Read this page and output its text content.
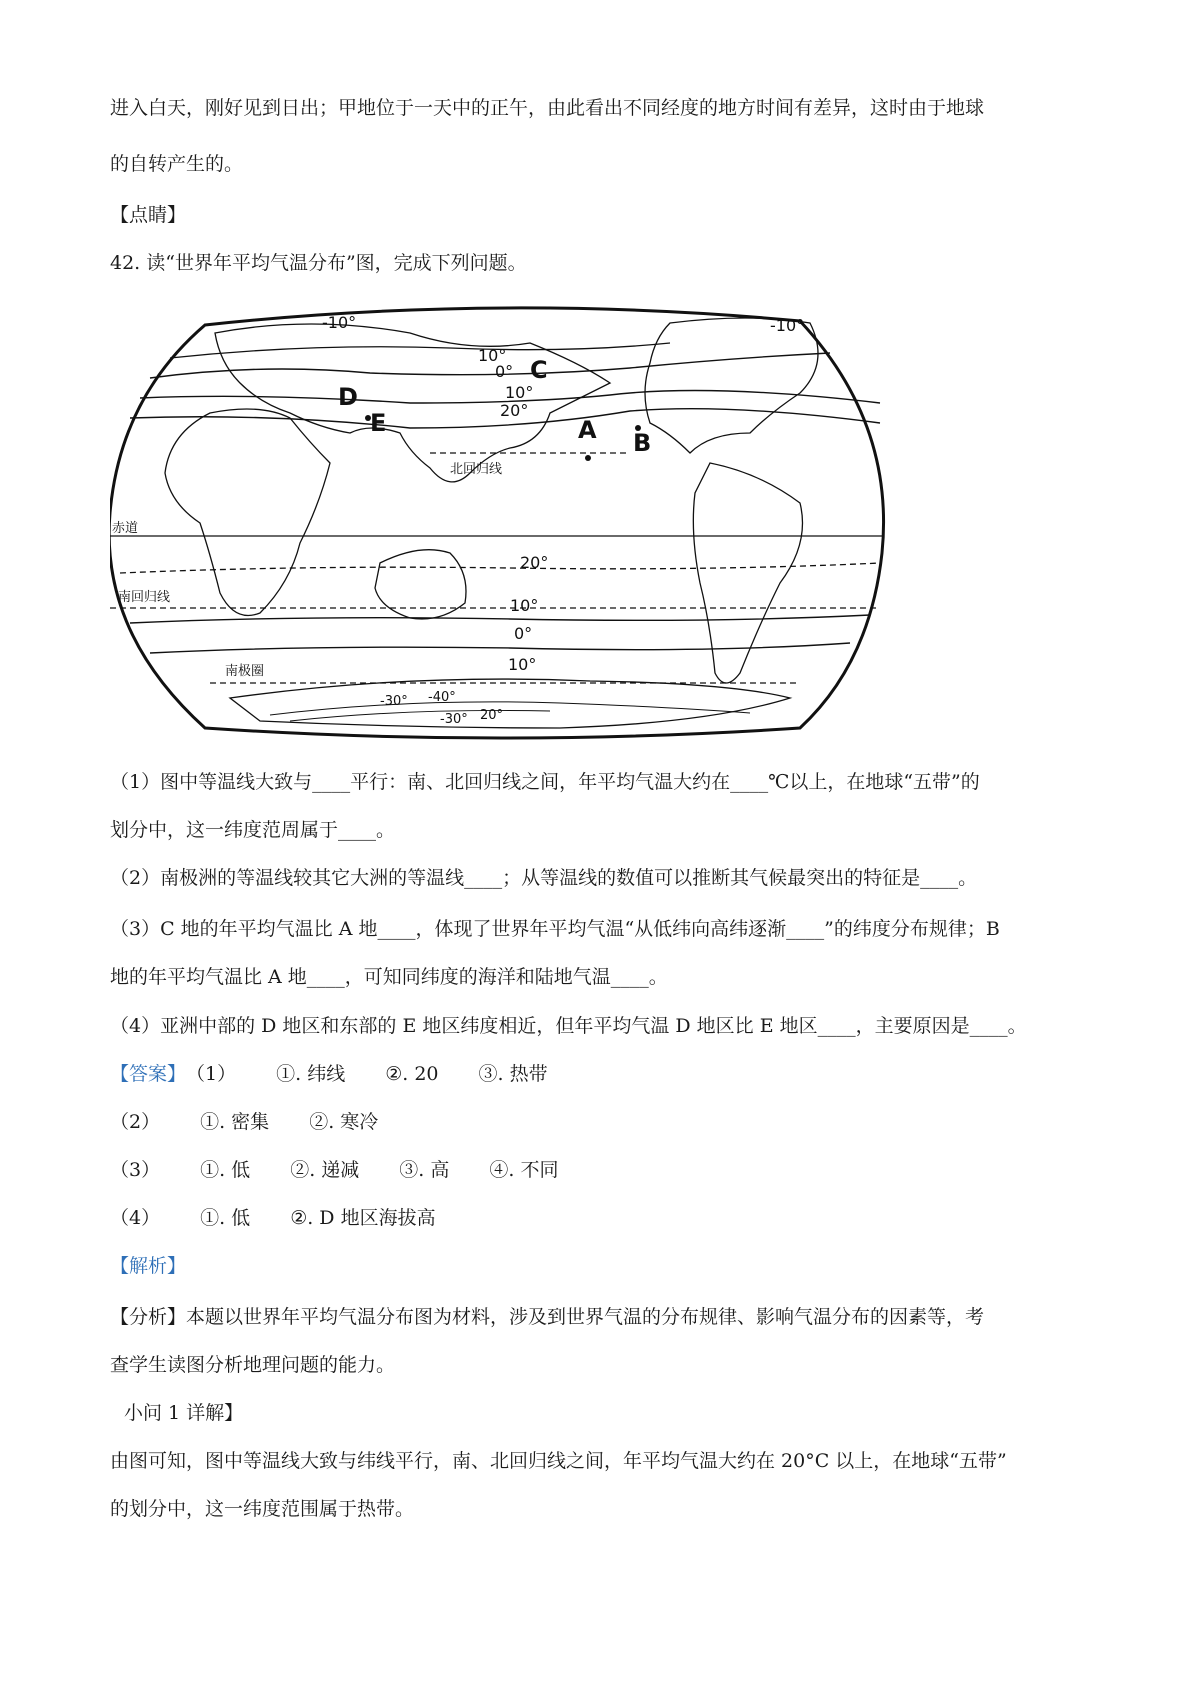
进入白天，刚好见到日出；甲地位于一天中的正午，由此看出不同经度的地方时间有差异，这时由于地球
的自转产生的。
【点睛】
42. 读“世界年平均气温分布”图，完成下列问题。
-10°
10°
0°
10°
20°
-10°
20°
10°
0°
10°
-30° -40°
-30° 20°
赤道
北回归线
南回归线
南极圈
A B
C
D
E
（1）图中等温线大致与____平行：南、北回归线之间，年平均气温大约在____℃以上，在地球“五带”的
划分中，这一纬度范周属于____。
（2）南极洲的等温线较其它大洲的等温线____；从等温线的数值可以推断其气候最突出的特征是____。
（3）C 地的年平均气温比 A 地____，体现了世界年平均气温“从低纬向高纬逐渐____”的纬度分布规律；B
地的年平均气温比 A 地____，可知同纬度的海洋和陆地气温____。
（4）亚洲中部的 D 地区和东部的 E 地区纬度相近，但年平均气温 D 地区比 E 地区____，主要原因是____。
【答案】（1） ①. 纬线 ②. 20 ③. 热带
（2） ①. 密集 ②. 寒冷
（3） ①. 低 ②. 递减 ③. 高 ④. 不同
（4） ①. 低 ②. D 地区海拔高
【解析】
【分析】本题以世界年平均气温分布图为材料，涉及到世界气温的分布规律、影响气温分布的因素等，考
查学生读图分析地理问题的能力。
小问 1 详解】
由图可知，图中等温线大致与纬线平行，南、北回归线之间，年平均气温大约在 20°C 以上，在地球“五带”
的划分中，这一纬度范围属于热带。
